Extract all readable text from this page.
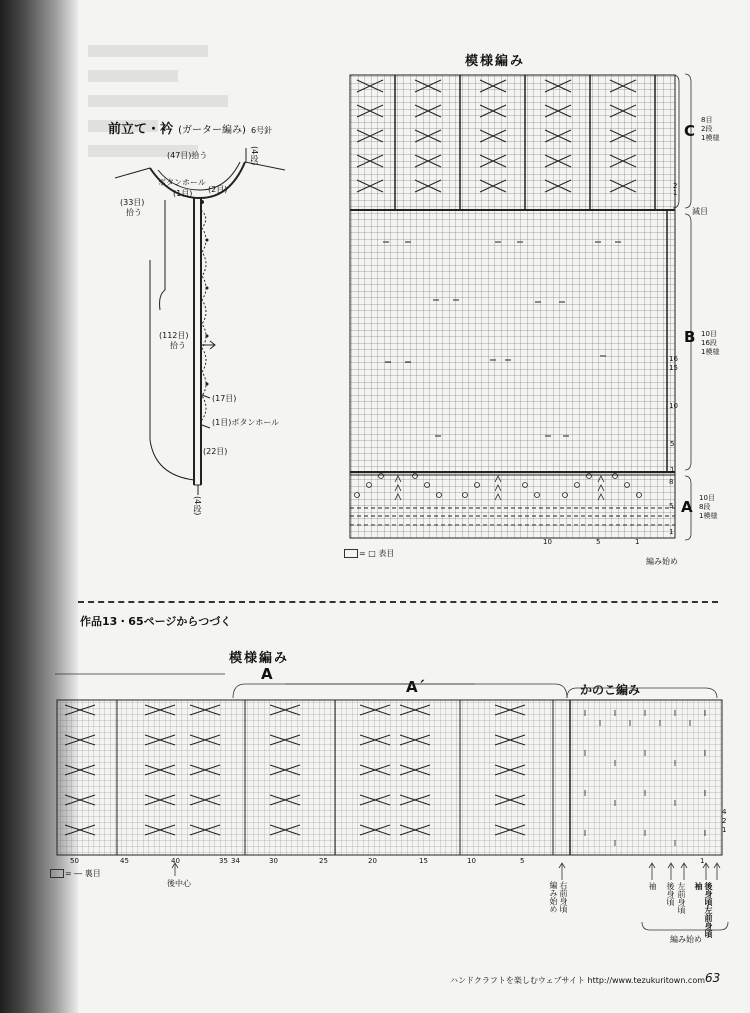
前立て・衿 (ガーター編み) 6号針
(47目)拾う	(4段)
ボタンホール
(1目) (2目)
(33目)
拾う
(112目)
拾う
(17目)
(1目)ボタンホール
(22目)
(4段)
模様編み
C
8目
2段
1模様
減目
B 10目
16段
1模様
A 10目
8段
1模様
2
1
16
15
10
5
1
8
5
1
10	5	1
= □ 表目
編み始め
作品13・65ページからつづく
模様編み
A
A´	かのこ編み
50	45	40	35 34	30	25	20	15	10	5	1
4
2
1
= ― 裏目
後中心	右前身頃
編み始め	袖 後身頃 左前身頃 袖 後身頃左前身頃
編み始め
ハンドクラフトを楽しむウェブサイト http://www.tezukuritown.com 63
